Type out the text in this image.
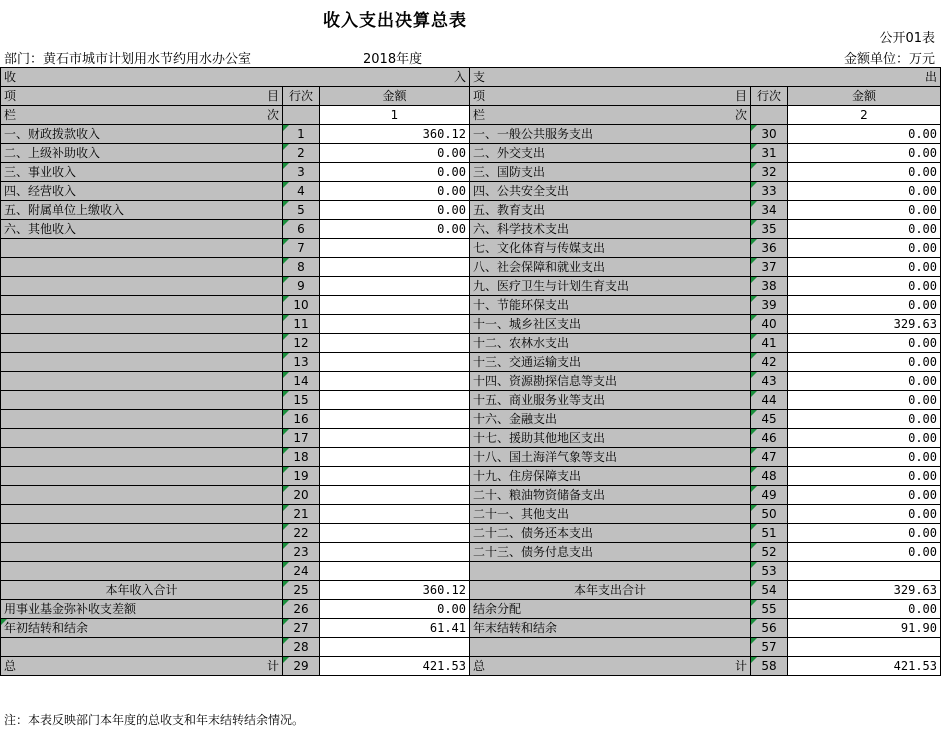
收入支出决算总表
公开01表
部门：黄石市城市计划用水节约用水办公室	2018年度	金额单位：万元
收 入			支 出		

项 目	行次	金额	项 目	行次	金额

栏 次		1	栏 次		2
一、财政拨款收入	1	360.12	一、一般公共服务支出	30	0.00
二、上级补助收入	2	0.00	二、外交支出	31	0.00
三、事业收入	3	0.00	三、国防支出	32	0.00
四、经营收入	4	0.00	四、公共安全支出	33	0.00
五、附属单位上缴收入	5	0.00	五、教育支出	34	0.00
六、其他收入	6	0.00	六、科学技术支出	35	0.00
	7		七、文化体育与传媒支出	36	0.00
	8		八、社会保障和就业支出	37	0.00
	9		九、医疗卫生与计划生育支出	38	0.00
	10		十、节能环保支出	39	0.00
	11		十一、城乡社区支出	40	329.63
	12		十二、农林水支出	41	0.00
	13		十三、交通运输支出	42	0.00
	14		十四、资源勘探信息等支出	43	0.00
	15		十五、商业服务业等支出	44	0.00
	16		十六、金融支出	45	0.00
	17		十七、援助其他地区支出	46	0.00
	18		十八、国土海洋气象等支出	47	0.00
	19		十九、住房保障支出	48	0.00
	20		二十、粮油物资储备支出	49	0.00
	21		二十一、其他支出	50	0.00
	22		二十二、债务还本支出	51	0.00
	23		二十三、债务付息支出	52	0.00
	24			53	
本年收入合计	25	360.12	本年支出合计	54	329.63
用事业基金弥补收支差额	26	0.00	结余分配	55	0.00
年初结转和结余	27	61.41	年末结转和结余	56	91.90
	28			57	

总 计	29	421.53	总 计	58	421.53
注：本表反映部门本年度的总收支和年末结转结余情况。
